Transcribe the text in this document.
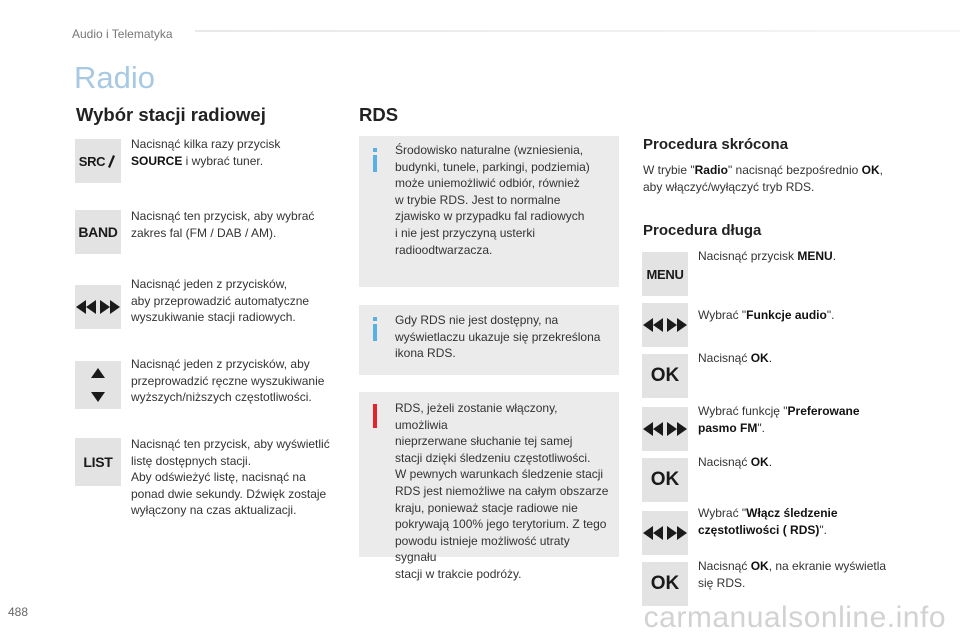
Audio i Telematyka
Radio
Wybór stacji radiowej	RDS
SRC
Nacisnąć kilka razy przycisk
SOURCE i wybrać tuner.
BAND
Nacisnąć ten przycisk, aby wybrać
zakres fal (FM / DAB / AM).
Nacisnąć jeden z przycisków,
aby przeprowadzić automatyczne
wyszukiwanie stacji radiowych.
Nacisnąć jeden z przycisków, aby
przeprowadzić ręczne wyszukiwanie
wyższych/niższych częstotliwości.
LIST
Nacisnąć ten przycisk, aby wyświetlić
listę dostępnych stacji.
Aby odświeżyć listę, nacisnąć na
ponad dwie sekundy. Dźwięk zostaje
wyłączony na czas aktualizacji.
Środowisko naturalne (wzniesienia,
budynki, tunele, parkingi, podziemia)
może uniemożliwić odbiór, również
w trybie RDS. Jest to normalne
zjawisko w przypadku fal radiowych
i nie jest przyczyną usterki
radioodtwarzacza.
Gdy RDS nie jest dostępny, na
wyświetlaczu ukazuje się przekreślona
ikona RDS.
RDS, jeżeli zostanie włączony, umożliwia
nieprzerwane słuchanie tej samej
stacji dzięki śledzeniu częstotliwości.
W pewnych warunkach śledzenie stacji
RDS jest niemożliwe na całym obszarze
kraju, ponieważ stacje radiowe nie
pokrywają 100% jego terytorium. Z tego
powodu istnieje możliwość utraty sygnału
stacji w trakcie podróży.
Procedura skrócona
W trybie "Radio" nacisnąć bezpośrednio OK,
aby włączyć/wyłączyć tryb RDS.
Procedura długa
MENU
Nacisnąć przycisk MENU.
Wybrać "Funkcje audio".
OK
Nacisnąć OK.
Wybrać funkcję "Preferowane
pasmo FM".
OK
Nacisnąć OK.
Wybrać "Włącz śledzenie
częstotliwości ( RDS)".
OK
Nacisnąć OK, na ekranie wyświetla
się RDS.
488	carmanualsonline.info
